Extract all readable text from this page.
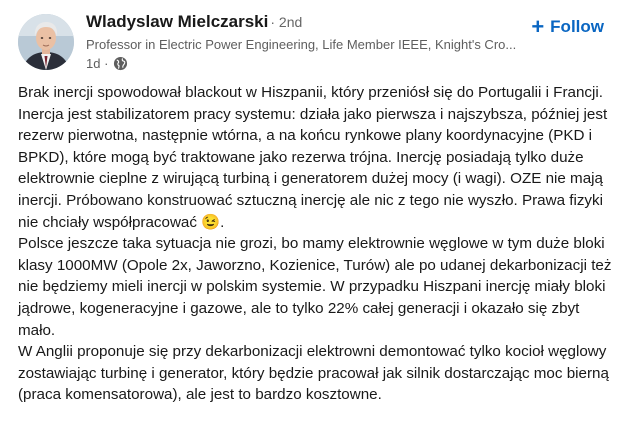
Wladyslaw Mielczarski · 2nd
Professor in Electric Power Engineering, Life Member IEEE, Knight's Cro...
1d ·
+ Follow

Brak inercji spowodował blackout w Hiszpanii, który przeniósł się do Portugalii i Francji. Inercja jest stabilizatorem pracy systemu: działa jako pierwsza i najszybsza, później jest rezerw pierwotna, następnie wtórna, a na końcu rynkowe plany koordynacyjne (PKD i BPKD), które mogą być traktowane jako rezerwa trójna. Inercję posiadają tylko duże elektrownie cieplne z wirującą turbiną i generatorem dużej mocy (i wagi). OZE nie mają inercji. Próbowano konstruować sztuczną inercję ale nic z tego nie wyszło. Prawa fizyki nie chciały współpracować 😉.

Polsce jeszcze taka sytuacja nie grozi, bo mamy elektrownie węglowe w tym duże bloki klasy 1000MW (Opole 2x, Jaworzno, Kozienice, Turów) ale po udanej dekarbonizacji też nie będziemy mieli inercji w polskim systemie. W przypadku Hiszpani inercję miały bloki jądrowe, kogeneracyjne i gazowe, ale to tylko 22% całej generacji i okazało się zbyt mało.

W Anglii proponuje się przy dekarbonizacji elektrowni demontować tylko kocioł węglowy zostawiając turbinę i generator, który będzie pracował jak silnik dostarczając moc bierną (praca komensatorowa), ale jest to bardzo kosztowne.
